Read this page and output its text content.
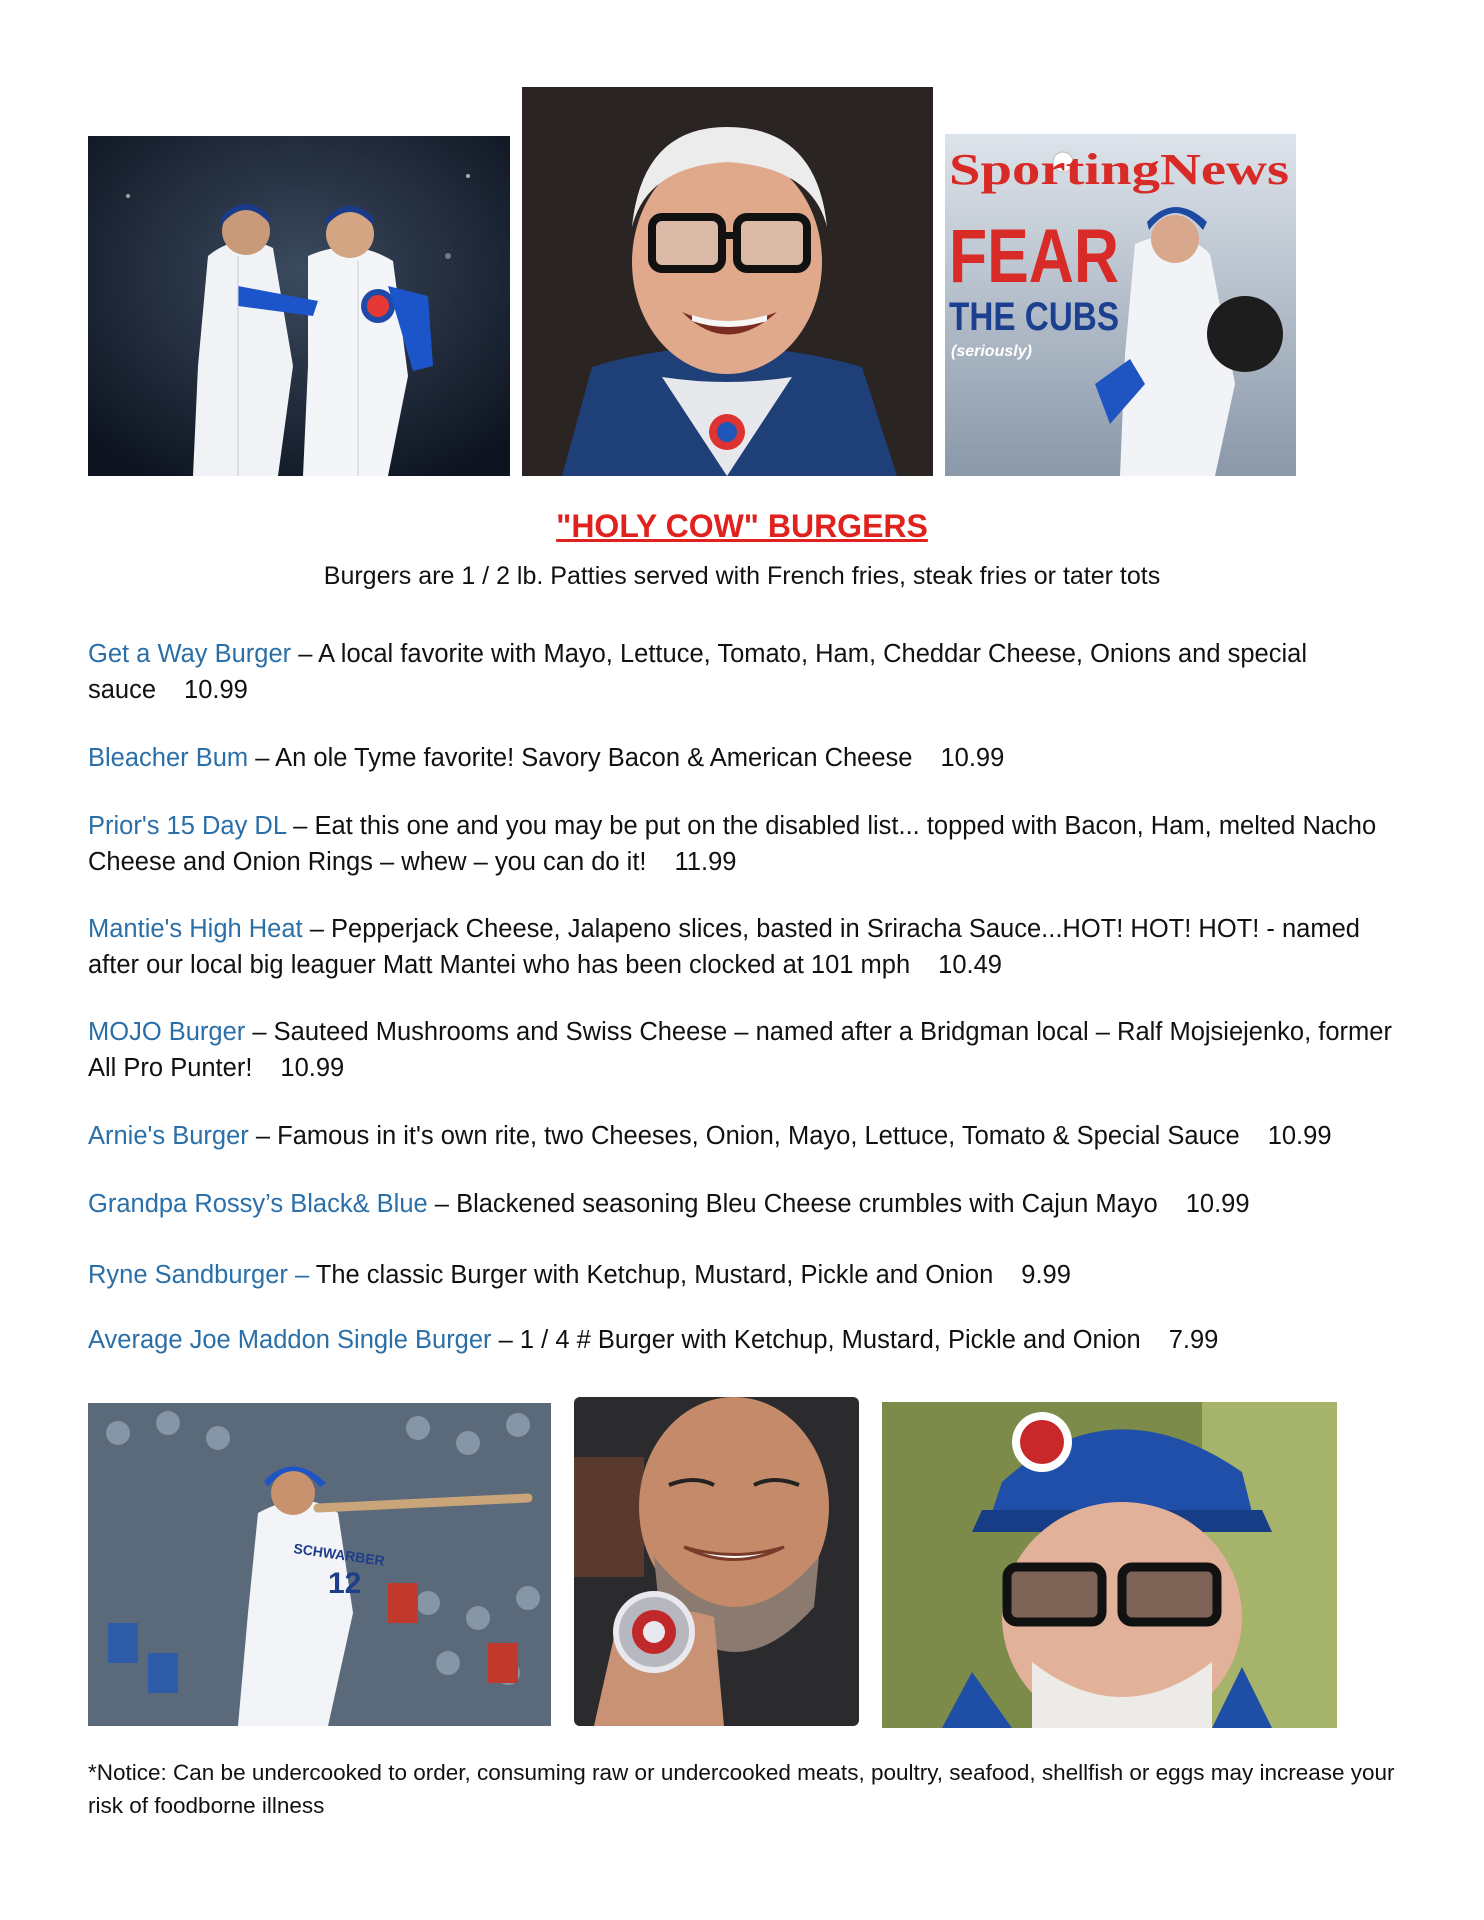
SportingNews
FEAR
THE CUBS
(seriously)
"HOLY COW" BURGERS
Burgers are 1 / 2 lb. Patties served with French fries, steak fries or tater tots
Get a Way Burger – A local favorite with Mayo, Lettuce, Tomato, Ham, Cheddar Cheese, Onions and special sauce 10.99
Bleacher Bum – An ole Tyme favorite! Savory Bacon & American Cheese 10.99
Prior's 15 Day DL – Eat this one and you may be put on the disabled list... topped with Bacon, Ham, melted Nacho Cheese and Onion Rings – whew – you can do it! 11.99
Mantie's High Heat – Pepperjack Cheese, Jalapeno slices, basted in Sriracha Sauce...HOT! HOT! HOT! - named after our local big leaguer Matt Mantei who has been clocked at 101 mph 10.49
MOJO Burger – Sauteed Mushrooms and Swiss Cheese – named after a Bridgman local – Ralf Mojsiejenko, former All Pro Punter! 10.99
Arnie's Burger – Famous in it's own rite, two Cheeses, Onion, Mayo, Lettuce, Tomato & Special Sauce 10.99
Grandpa Rossy’s Black& Blue – Blackened seasoning Bleu Cheese crumbles with Cajun Mayo 10.99
Ryne Sandburger – The classic Burger with Ketchup, Mustard, Pickle and Onion 9.99
Average Joe Maddon Single Burger – 1 / 4 # Burger with Ketchup, Mustard, Pickle and Onion 7.99
SCHWARBER
12
*Notice: Can be undercooked to order, consuming raw or undercooked meats, poultry, seafood, shellfish or eggs may increase your risk of foodborne illness
